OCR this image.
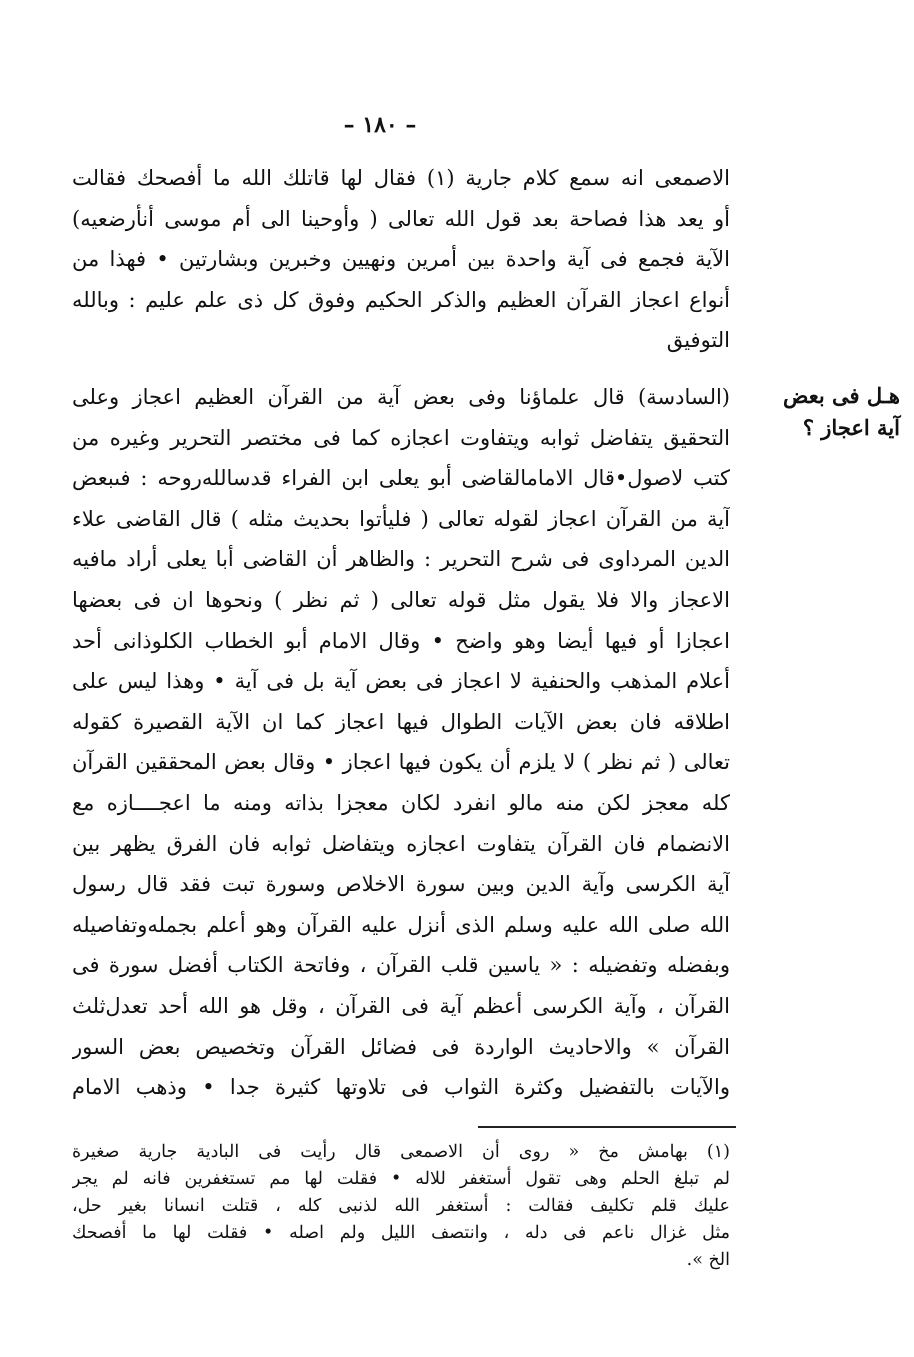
– ١٨٠ –
الاصمعى انه سمع كلام جارية (١) فقال لها قاتلك الله ما أفصحك فقالت
أو يعد هذا فصاحة بعد قول الله تعالى ( وأوحينا الى أم موسى أنأرضعيه)
الآية فجمع فى آية واحدة بين أمرين ونهيين وخبرين وبشارتين • فهذا من
أنواع اعجاز القرآن العظيم والذكر الحكيم وفوق كل ذى علم عليم : وبالله
التوفيق
هـل فى بعض
آية اعجاز ؟
(السادسة) قال علماؤنا وفى بعض آية من القرآن العظيم اعجاز وعلى
التحقيق يتفاضل ثوابه ويتفاوت اعجازه كما فى مختصر التحرير وغيره من
كتب لاصول•قال الامامالقاضى أبو يعلى ابن الفراء قدسالله‌روحه : فىبعض
آية من القرآن اعجاز لقوله تعالى ( فليأتوا بحديث مثله ) قال القاضى علاء
الدين المرداوى فى شرح التحرير : والظاهر أن القاضى أبا يعلى أراد مافيه
الاعجاز والا فلا يقول مثل قوله تعالى ( ثم نظر ) ونحوها ان فى بعضها
اعجازا أو فيها أيضا وهو واضح • وقال الامام أبو الخطاب الكلوذانى أحد
أعلام المذهب والحنفية لا اعجاز فى بعض آية بل فى آية • وهذا ليس على
اطلاقه فان بعض الآيات الطوال فيها اعجاز كما ان الآية القصيرة كقوله
تعالى ( ثم نظر ) لا يلزم أن يكون فيها اعجاز • وقال بعض المحققين القرآن
كله معجز لكن منه مالو انفرد لكان معجزا بذاته ومنه ما اعجــــازه مع
الانضمام فان القرآن يتفاوت اعجازه ويتفاضل ثوابه فان الفرق يظهر بين
آية الكرسى وآية الدين وبين سورة الاخلاص وسورة تبت فقد قال رسول
الله صلى الله عليه وسلم الذى أنزل عليه القرآن وهو أعلم بجمله‌وتفاصيله
وبفضله وتفضيله : « ياسين قلب القرآن ، وفاتحة الكتاب أفضل سورة فى
القرآن ، وآية الكرسى أعظم آية فى القرآن ، وقل هو الله أحد تعدل‌ثلث
القرآن » والاحاديث الواردة فى فضائل القرآن وتخصيص بعض السور
والآيات بالتفضيل وكثرة الثواب فى تلاوتها كثيرة جدا • وذهب الامام
(١) بهامش مخ « روى أن الاصمعى قال رأيت فى البادية جارية صغيرة
لم تبلغ الحلم وهى تقول أستغفر للاله • فقلت لها مم تستغفرين فانه لم يجر
عليك قلم تكليف فقالت : أستغفر الله لذنبى كله ، قتلت انسانا بغير حل،
مثل غزال ناعم فى دله ، وانتصف الليل ولم اصله • فقلت لها ما أفصحك
الخ ».
